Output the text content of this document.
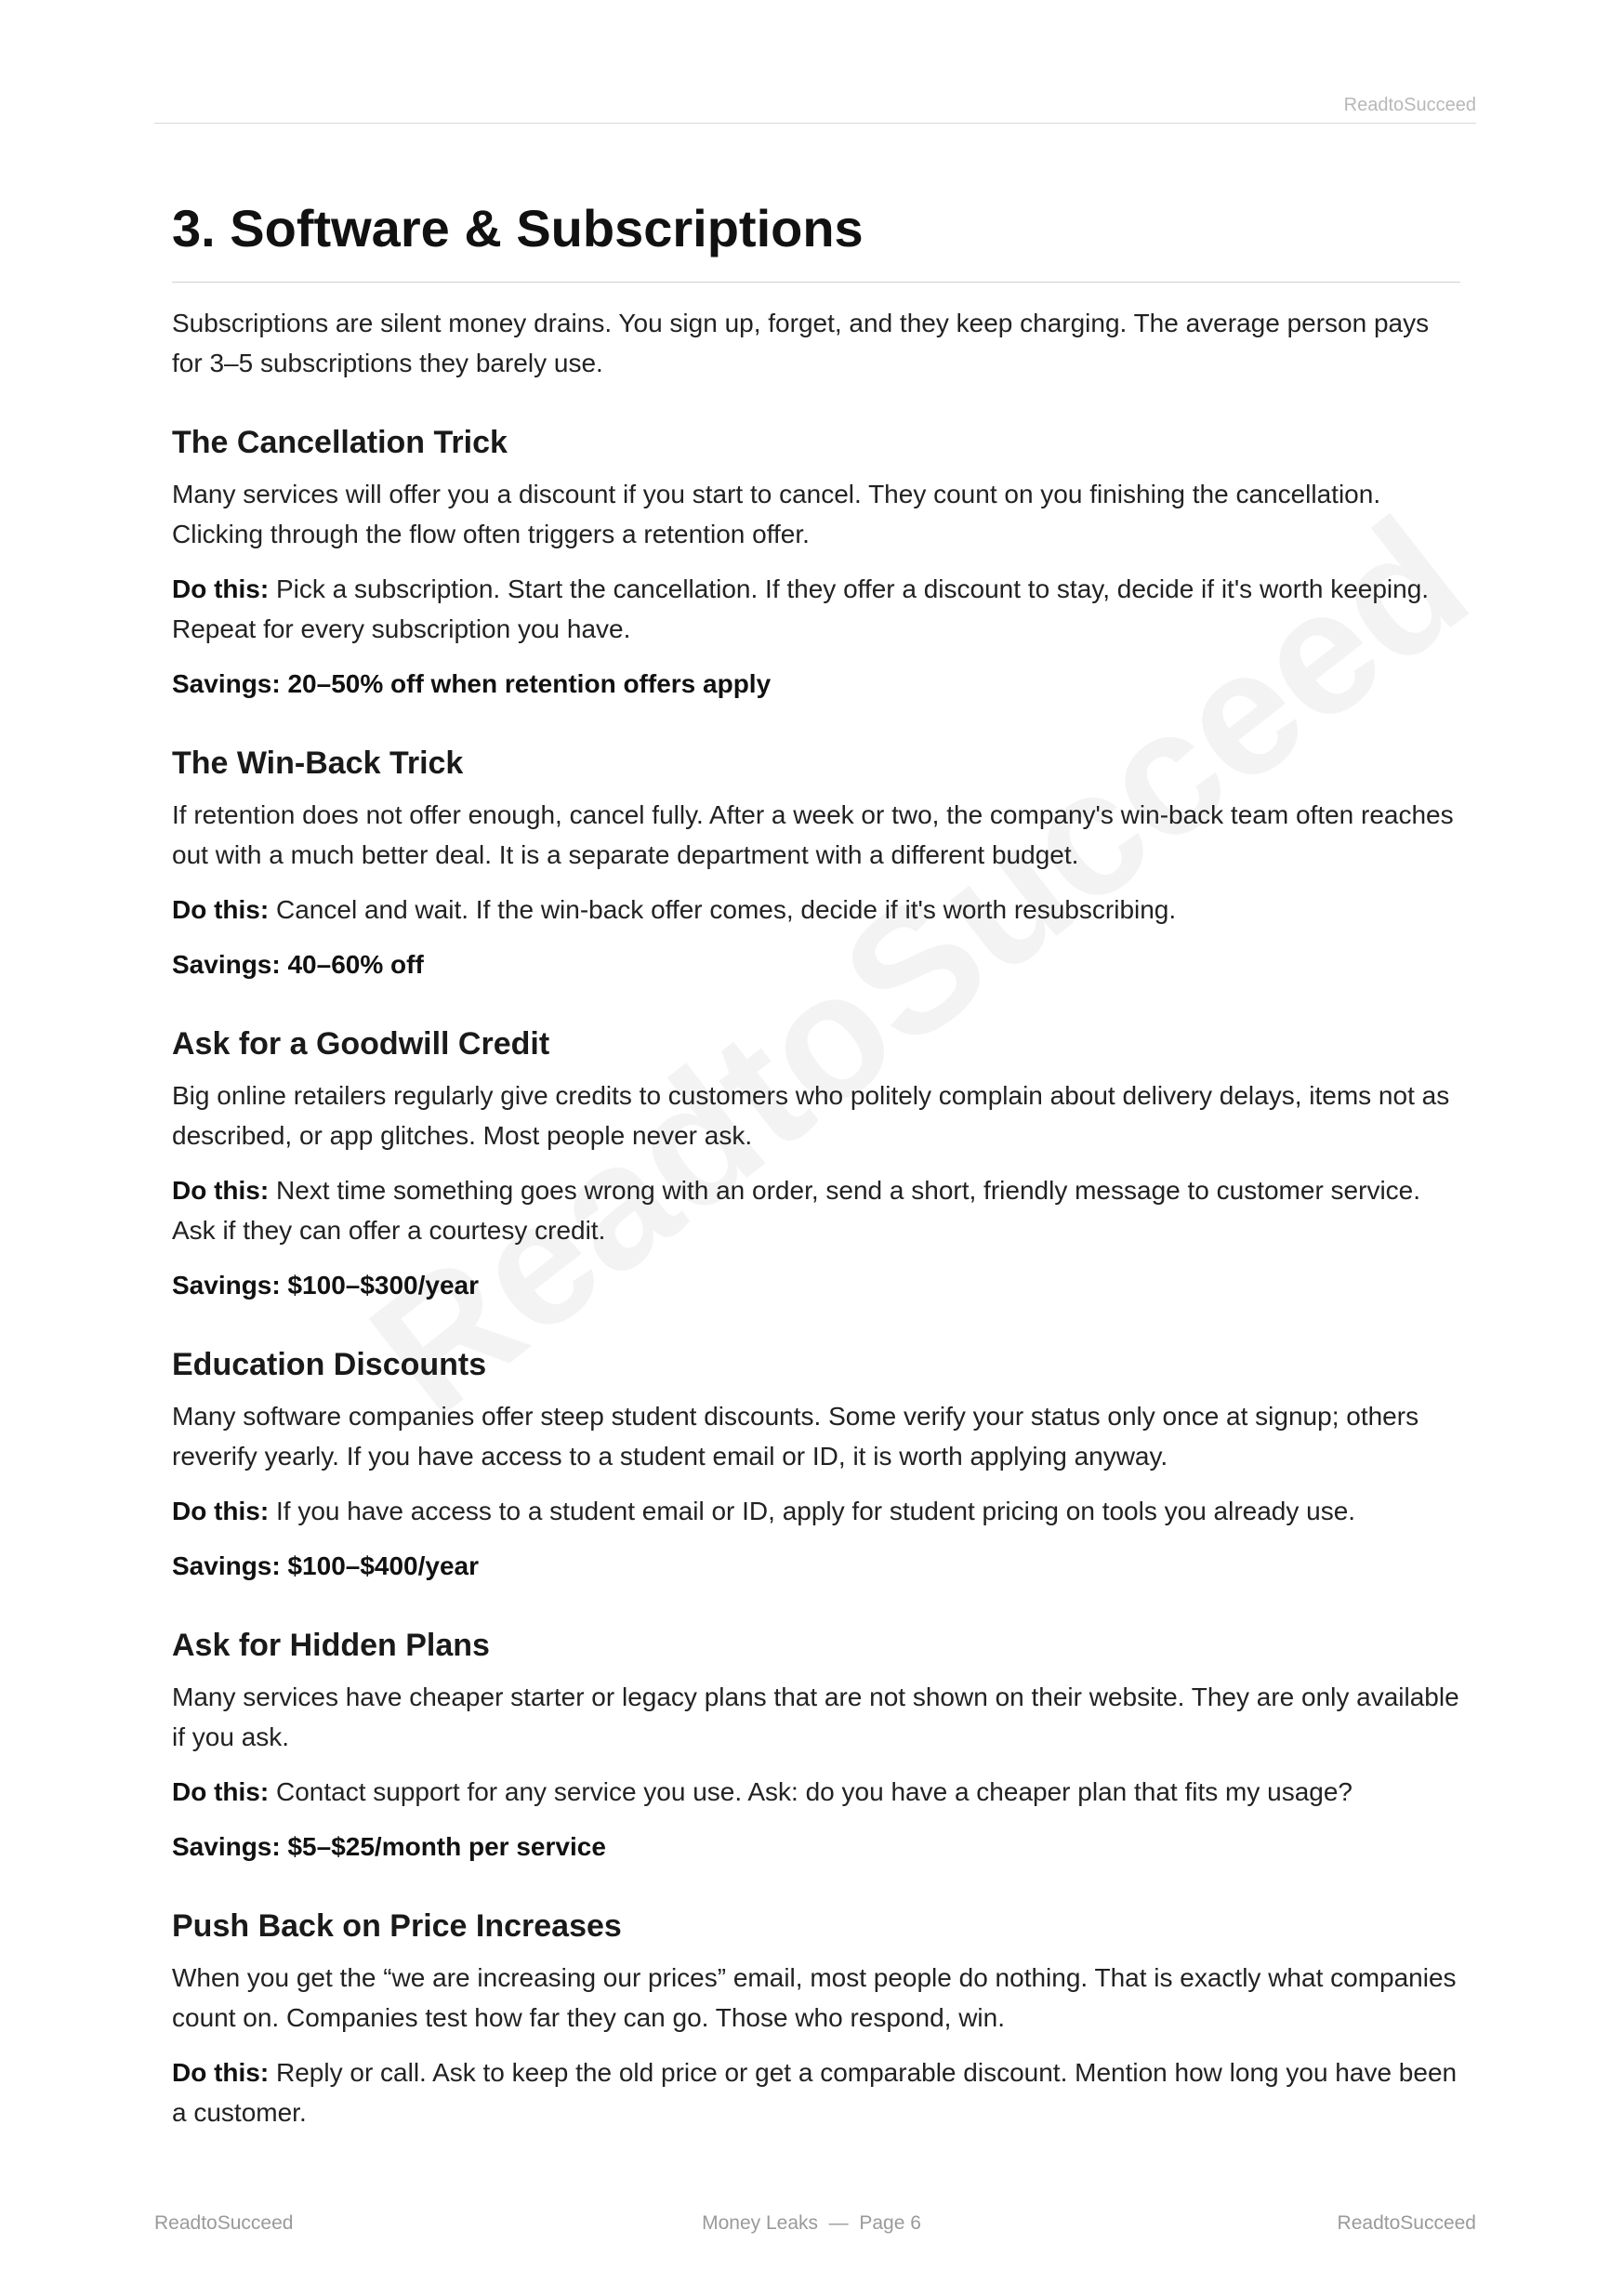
ReadtoSucceed
3. Software & Subscriptions

Subscriptions are silent money drains. You sign up, forget, and they keep charging. The average person pays for 3–5 subscriptions they barely use.

The Cancellation Trick

Many services will offer you a discount if you start to cancel. They count on you finishing the cancellation. Clicking through the flow often triggers a retention offer.

Do this: Pick a subscription. Start the cancellation. If they offer a discount to stay, decide if it's worth keeping. Repeat for every subscription you have.

Savings: 20–50% off when retention offers apply

The Win-Back Trick

If retention does not offer enough, cancel fully. After a week or two, the company's win-back team often reaches out with a much better deal. It is a separate department with a different budget.

Do this: Cancel and wait. If the win-back offer comes, decide if it's worth resubscribing.

Savings: 40–60% off

Ask for a Goodwill Credit

Big online retailers regularly give credits to customers who politely complain about delivery delays, items not as described, or app glitches. Most people never ask.

Do this: Next time something goes wrong with an order, send a short, friendly message to customer service. Ask if they can offer a courtesy credit.

Savings: $100–$300/year

Education Discounts

Many software companies offer steep student discounts. Some verify your status only once at signup; others reverify yearly. If you have access to a student email or ID, it is worth applying anyway.

Do this: If you have access to a student email or ID, apply for student pricing on tools you already use.

Savings: $100–$400/year

Ask for Hidden Plans

Many services have cheaper starter or legacy plans that are not shown on their website. They are only available if you ask.

Do this: Contact support for any service you use. Ask: do you have a cheaper plan that fits my usage?

Savings: $5–$25/month per service

Push Back on Price Increases

When you get the “we are increasing our prices” email, most people do nothing. That is exactly what companies count on. Companies test how far they can go. Those who respond, win.

Do this: Reply or call. Ask to keep the old price or get a comparable discount. Mention how long you have been a customer.

ReadtoSucceed	Money Leaks  —  Page 6	ReadtoSucceed
